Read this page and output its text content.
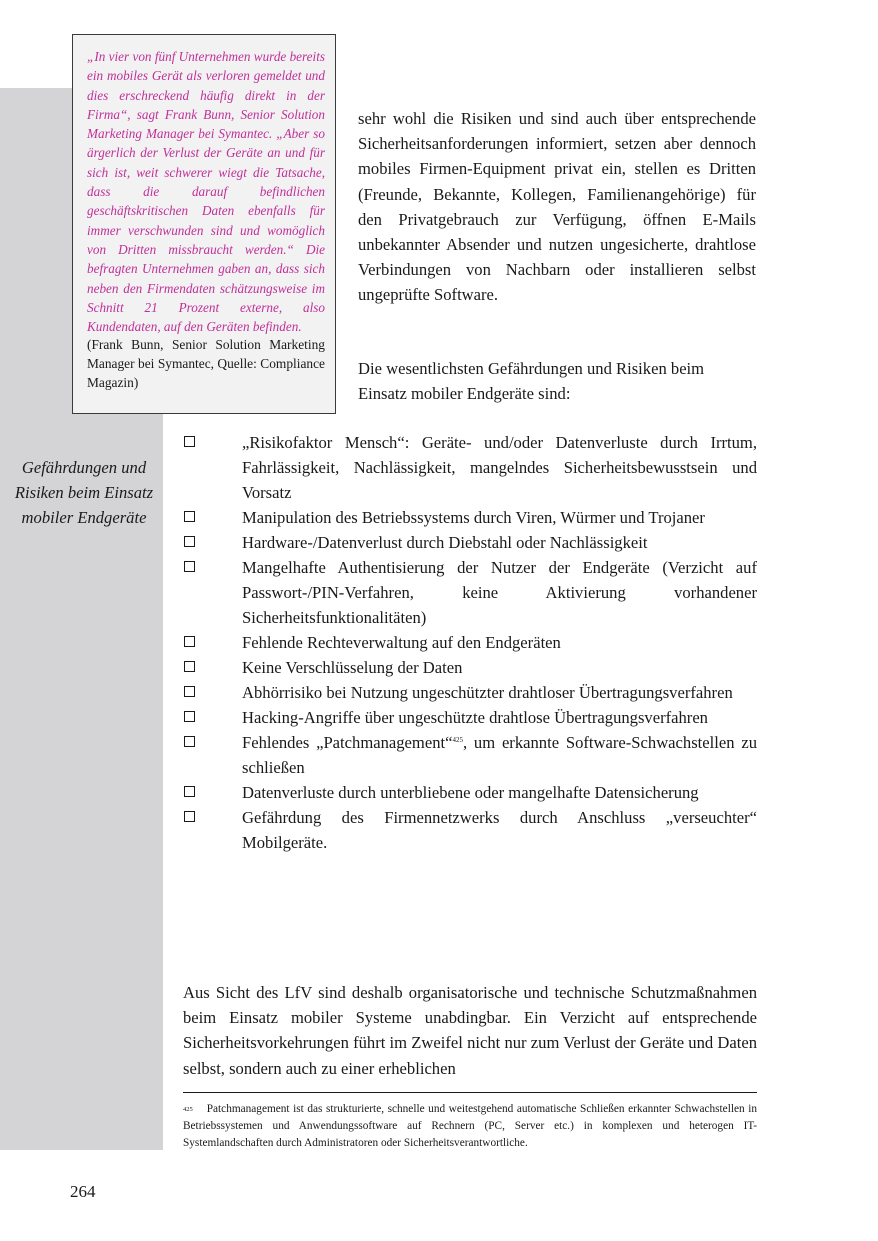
„In vier von fünf Unternehmen wurde bereits ein mobiles Gerät als verloren gemeldet und dies erschreckend häufig direkt in der Firma“, sagt Frank Bunn, Senior Solution Marketing Manager bei Symantec. „Aber so ärgerlich der Verlust der Geräte an und für sich ist, weit schwerer wiegt die Tatsache, dass die darauf befindlichen geschäftskritischen Daten ebenfalls für immer verschwunden sind und womöglich von Dritten missbraucht werden.“ Die befragten Unternehmen gaben an, dass sich neben den Firmendaten schätzungsweise im Schnitt 21 Prozent externe, also Kundendaten, auf den Geräten befinden.

(Frank Bunn, Senior Solution Marketing Manager bei Symantec, Quelle: Compliance Magazin)

sehr wohl die Risiken und sind auch über entsprechende Sicherheitsanforderungen informiert, setzen aber dennoch mobiles Firmen-Equipment privat ein, stellen es Dritten (Freunde, Bekannte, Kollegen, Familienangehörige) für den Privatgebrauch zur Verfügung, öffnen E-Mails unbekannter Absender und nutzen ungesicherte, drahtlose Verbindungen von Nachbarn oder installieren selbst ungeprüfte Software.

Die wesentlichsten Gefährdungen und Risiken beim Einsatz mobiler Endgeräte sind:

Gefährdungen und Risiken beim Einsatz mobiler Endgeräte
„Risikofaktor Mensch“: Geräte- und/oder Datenverluste durch Irrtum, Fahrlässigkeit, Nachlässigkeit, mangelndes Sicherheitsbewusstsein und Vorsatz
Manipulation des Betriebssystems durch Viren, Würmer und Trojaner
Hardware-/Datenverlust durch Diebstahl oder Nachlässigkeit
Mangelhafte Authentisierung der Nutzer der Endgeräte (Verzicht auf Passwort-/PIN-Verfahren, keine Aktivierung vorhandener Sicherheitsfunktionalitäten)
Fehlende Rechteverwaltung auf den Endgeräten
Keine Verschlüsselung der Daten
Abhörrisiko bei Nutzung ungeschützter drahtloser Übertragungsverfahren
Hacking-Angriffe über ungeschützte drahtlose Übertragungsverfahren
Fehlendes „Patchmanagement“$^{425}$, um erkannte Software-Schwachstellen zu schließen
Datenverluste durch unterbliebene oder mangelhafte Datensicherung
Gefährdung des Firmennetzwerks durch Anschluss „verseuchter“ Mobilgeräte.

Aus Sicht des LfV sind deshalb organisatorische und technische Schutzmaßnahmen beim Einsatz mobiler Systeme unabdingbar. Ein Verzicht auf entsprechende Sicherheitsvorkehrungen führt im Zweifel nicht nur zum Verlust der Geräte und Daten selbst, sondern auch zu einer erheblichen

$^{425}$ Patchmanagement ist das strukturierte, schnelle und weitestgehend automatische Schließen erkannter Schwachstellen in Betriebssystemen und Anwendungssoftware auf Rechnern (PC, Server etc.) in komplexen und heterogen IT-Systemlandschaften durch Administratoren oder Sicherheitsverantwortliche.

264
